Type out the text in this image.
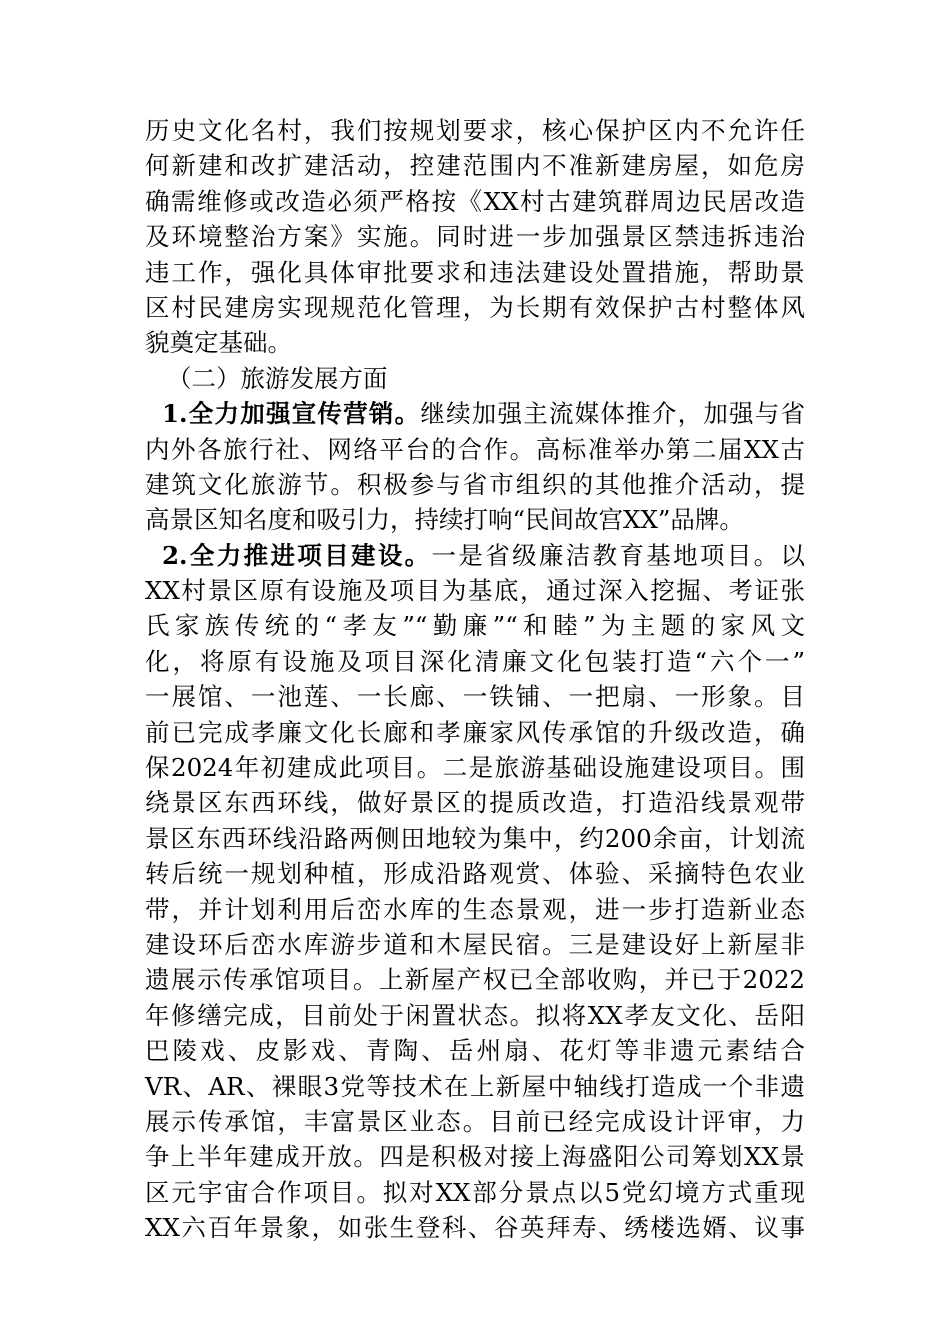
历史文化名村，我们按规划要求，核心保护区内不允许任
何新建和改扩建活动，控建范围内不准新建房屋，如危房
确需维修或改造必须严格按《XX村古建筑群周边民居改造
及环境整治方案》实施。同时进一步加强景区禁违拆违治
违工作，强化具体审批要求和违法建设处置措施，帮助景
区村民建房实现规范化管理，为长期有效保护古村整体风
貌奠定基础。
（二）旅游发展方面
1.全力加强宣传营销。继续加强主流媒体推介，加强与省
内外各旅行社、网络平台的合作。高标准举办第二届XX古
建筑文化旅游节。积极参与省市组织的其他推介活动，提
高景区知名度和吸引力，持续打响“民间故宫XX”品牌。
2.全力推进项目建设。一是省级廉洁教育基地项目。以
XX村景区原有设施及项目为基底，通过深入挖掘、考证张
氏家族传统的“孝友”“勤廉”“和睦”为主题的家风文
化，将原有设施及项目深化清廉文化包装打造“六个一”
一展馆、一池莲、一长廊、一铁铺、一把扇、一形象。目
前已完成孝廉文化长廊和孝廉家风传承馆的升级改造，确
保2024年初建成此项目。二是旅游基础设施建设项目。围
绕景区东西环线，做好景区的提质改造，打造沿线景观带
景区东西环线沿路两侧田地较为集中，约200余亩，计划流
转后统一规划种植，形成沿路观赏、体验、采摘特色农业
带，并计划利用后峦水库的生态景观，进一步打造新业态
建设环后峦水库游步道和木屋民宿。三是建设好上新屋非
遗展示传承馆项目。上新屋产权已全部收购，并已于2022
年修缮完成，目前处于闲置状态。拟将XX孝友文化、岳阳
巴陵戏、皮影戏、青陶、岳州扇、花灯等非遗元素结合
VR、AR、裸眼3党等技术在上新屋中轴线打造成一个非遗
展示传承馆，丰富景区业态。目前已经完成设计评审，力
争上半年建成开放。四是积极对接上海盛阳公司筹划XX景
区元宇宙合作项目。拟对XX部分景点以5党幻境方式重现
XX六百年景象，如张生登科、谷英拜寿、绣楼选婿、议事
